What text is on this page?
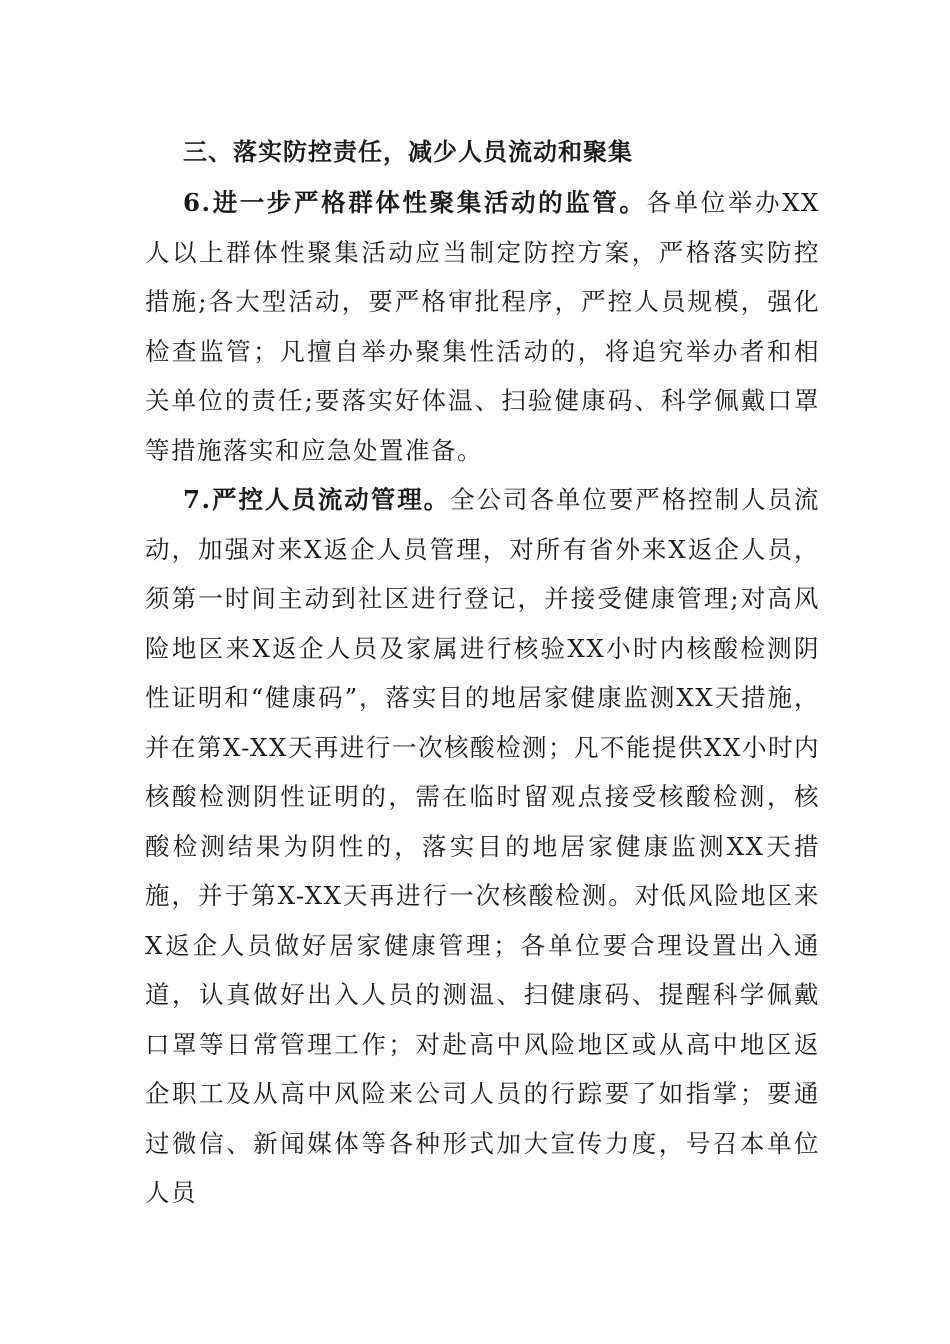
三、落实防控责任，减少人员流动和聚集

6.进一步严格群体性聚集活动的监管。各单位举办XX人以上群体性聚集活动应当制定防控方案，严格落实防控措施;各大型活动，要严格审批程序，严控人员规模，强化检查监管；凡擅自举办聚集性活动的，将追究举办者和相关单位的责任;要落实好体温、扫验健康码、科学佩戴口罩等措施落实和应急处置准备。

7.严控人员流动管理。全公司各单位要严格控制人员流动，加强对来X返企人员管理，对所有省外来X返企人员，须第一时间主动到社区进行登记，并接受健康管理;对高风险地区来X返企人员及家属进行核验XX小时内核酸检测阴性证明和“健康码”，落实目的地居家健康监测XX天措施，并在第X-XX天再进行一次核酸检测；凡不能提供XX小时内核酸检测阴性证明的，需在临时留观点接受核酸检测，核酸检测结果为阴性的，落实目的地居家健康监测XX天措施，并于第X-XX天再进行一次核酸检测。对低风险地区来X返企人员做好居家健康管理；各单位要合理设置出入通道，认真做好出入人员的测温、扫健康码、提醒科学佩戴口罩等日常管理工作；对赴高中风险地区或从高中地区返企职工及从高中风险来公司人员的行踪要了如指掌；要通过微信、新闻媒体等各种形式加大宣传力度，号召本单位人员
